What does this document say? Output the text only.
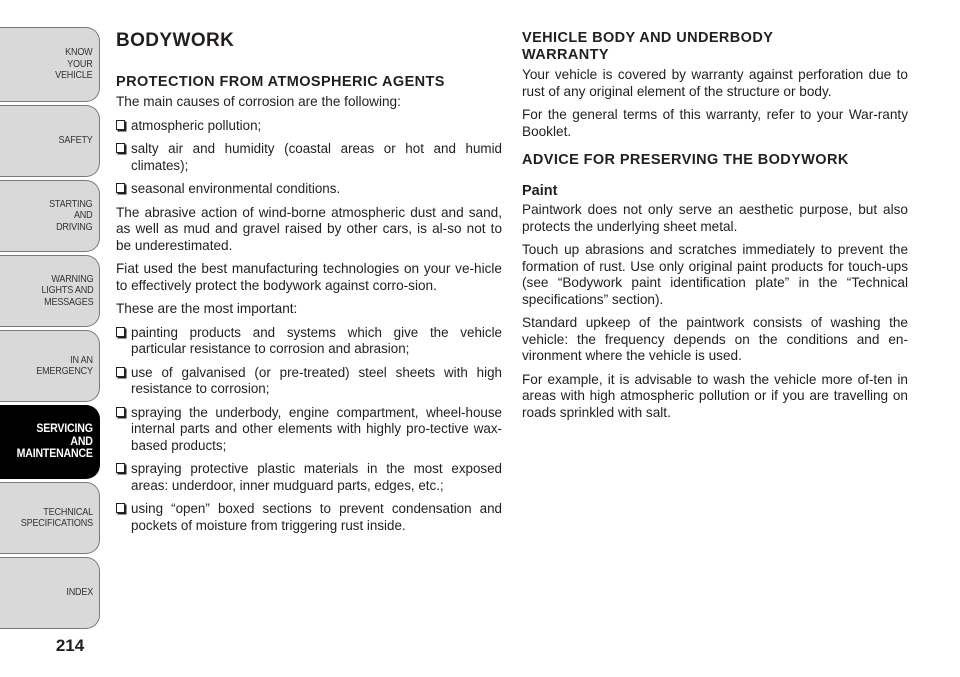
KNOW
YOUR
VEHICLE
SAFETY
STARTING
AND
DRIVING
WARNING
LIGHTS AND
MESSAGES
IN AN
EMERGENCY
SERVICING
AND
MAINTENANCE
TECHNICAL
SPECIFICATIONS
INDEX
214
BODYWORK
PROTECTION FROM ATMOSPHERIC AGENTS

The main causes of corrosion are the following:

atmospheric pollution;
salty air and humidity (coastal areas or hot and humid climates);
seasonal environmental conditions.

The abrasive action of wind-borne atmospheric dust and sand, as well as mud and gravel raised by other cars, is al-so not to be underestimated.

Fiat used the best manufacturing technologies on your ve-hicle to effectively protect the bodywork against corro-sion.

These are the most important:

painting products and systems which give the vehicle particular resistance to corrosion and abrasion;
use of galvanised (or pre-treated) steel sheets with high resistance to corrosion;
spraying the underbody, engine compartment, wheel-house internal parts and other elements with highly pro-tective wax-based products;
spraying protective plastic materials in the most exposed areas: underdoor, inner mudguard parts, edges, etc.;
using “open” boxed sections to prevent condensation and pockets of moisture from triggering rust inside.
VEHICLE BODY AND UNDERBODY WARRANTY

Your vehicle is covered by warranty against perforation due to rust of any original element of the structure or body.

For the general terms of this warranty, refer to your War-ranty Booklet.

ADVICE FOR PRESERVING THE BODYWORK
Paint

Paintwork does not only serve an aesthetic purpose, but also protects the underlying sheet metal.

Touch up abrasions and scratches immediately to prevent the formation of rust. Use only original paint products for touch-ups (see “Bodywork paint identification plate” in the “Technical specifications” section).

Standard upkeep of the paintwork consists of washing the vehicle: the frequency depends on the conditions and en-vironment where the vehicle is used.

For example, it is advisable to wash the vehicle more of-ten in areas with high atmospheric pollution or if you are travelling on roads sprinkled with salt.
